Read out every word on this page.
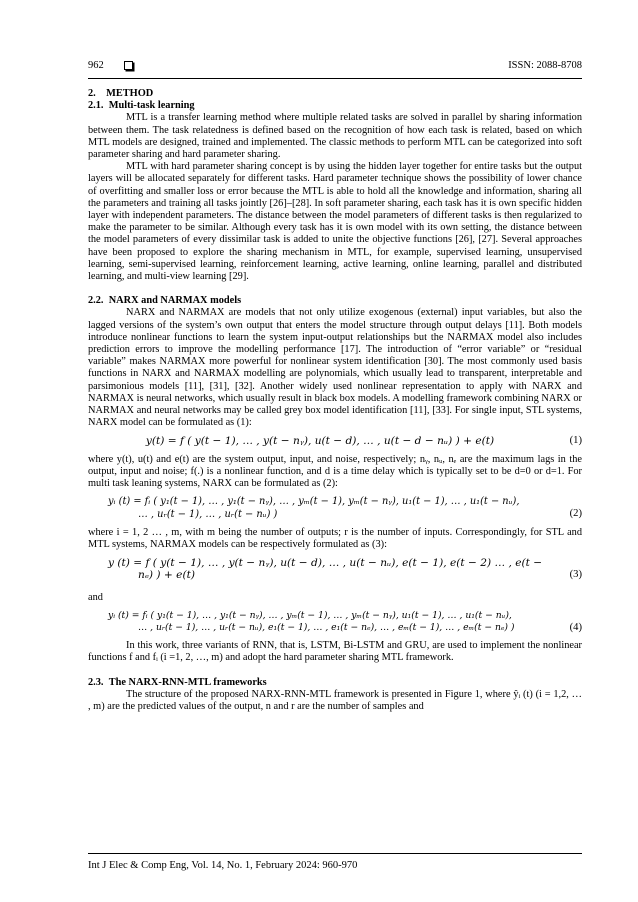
962	ISSN: 2088-8708

2.    METHOD

2.1.  Multi-task learning

MTL is a transfer learning method where multiple related tasks are solved in parallel by sharing information between them. The task relatedness is defined based on the recognition of how each task is related, based on which MTL models are designed, trained and implemented. The classic methods to perform MTL can be categorized into soft parameter sharing and hard parameter sharing.

MTL with hard parameter sharing concept is by using the hidden layer together for entire tasks but the output layers will be allocated separately for different tasks. Hard parameter technique shows the possibility of lower chance of overfitting and smaller loss or error because the MTL is able to hold all the knowledge and information, sharing all the parameters and training all tasks jointly [26]–[28]. In soft parameter sharing, each task has it is own specific hidden layer with independent parameters. The distance between the model parameters of different tasks is then regularized to make the parameter to be similar. Although every task has it is own model with its own setting, the distance between the model parameters of every dissimilar task is added to unite the objective functions [26], [27]. Several approaches have been proposed to explore the sharing mechanism in MTL, for example, supervised learning, unsupervised learning, semi-supervised learning, reinforcement learning, active learning, online learning, parallel and distributed learning, and multi-view learning [29].

2.2.  NARX and NARMAX models

NARX and NARMAX are models that not only utilize exogenous (external) input variables, but also the lagged versions of the system’s own output that enters the model structure through output delays [11]. Both models introduce nonlinear functions to learn the system input-output relationships but the NARMAX model also includes prediction errors to improve the modelling performance [17]. The introduction of “error variable” or “residual variable” makes NARMAX more powerful for nonlinear system identification [30]. The most commonly used basis functions in NARX and NARMAX modelling are polynomials, which usually lead to transparent, interpretable and parsimonious models [11], [31], [32]. Another widely used nonlinear representation to apply with NARX and NARMAX is neural networks, which usually result in black box models. A modelling framework combining NARX or NARMAX and neural networks may be called grey box model identification [11], [33]. For single input, STL systems, NARX model can be formulated as (1):

y(t) = f ( y(t − 1), … , y(t − nᵧ), u(t − d), … , u(t − d − nᵤ) ) + e(t)	(1)

where y(t), u(t) and e(t) are the system output, input, and noise, respectively; nᵧ, nᵤ, nₑ are the maximum lags in the output, input and noise; f(.) is a nonlinear function, and d is a time delay which is typically set to be d=0 or d=1. For multi task leaning systems, NARX can be formulated as (2):

yᵢ (t) = fᵢ ( y₁(t − 1), … , y₁(t − nᵧ), … , yₘ(t − 1), yₘ(t − nᵧ), u₁(t − 1), … , u₁(t − nᵤ),
… , uᵣ(t − 1), … , uᵣ(t − nᵤ) )	(2)

where i = 1, 2 … , m, with m being the number of outputs; r is the number of inputs. Correspondingly, for STL and MTL systems, NARMAX models can be respectively formulated as (3):

y (t) = f ( y(t − 1), … , y(t − nᵧ), u(t − d), … , u(t − nᵤ), e(t − 1), e(t − 2) … , e(t −
nₑ) ) + e(t)	(3)

and

yᵢ (t) = fᵢ ( y₁(t − 1), … , y₁(t − nᵧ), … , yₘ(t − 1), … , yₘ(t − nᵧ), u₁(t − 1), … , u₁(t − nᵤ),
… , uᵣ(t − 1), … , uᵣ(t − nᵤ), e₁(t − 1), … , e₁(t − nₑ), … , eₘ(t − 1), … , eₘ(t − nₑ) )	(4)

In this work, three variants of RNN, that is, LSTM, Bi-LSTM and GRU, are used to implement the nonlinear functions f and fᵢ (i =1, 2, …, m) and adopt the hard parameter sharing MTL framework.

2.3.  The NARX-RNN-MTL frameworks

The structure of the proposed NARX-RNN-MTL framework is presented in Figure 1, where ŷᵢ (t) (i = 1,2, … , m) are the predicted values of the output, n and r are the number of samples and

Int J Elec & Comp Eng, Vol. 14, No. 1, February 2024: 960-970
